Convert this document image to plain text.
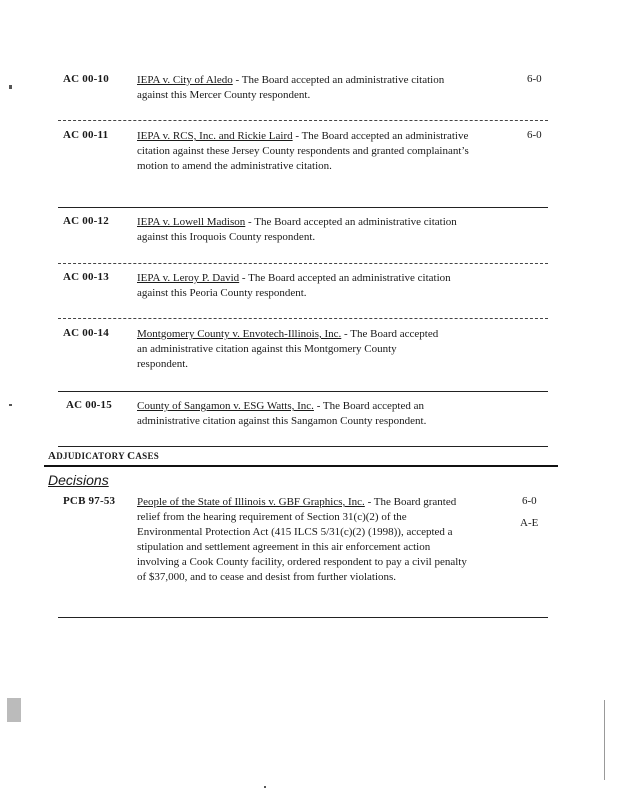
AC 00-10	IEPA v. City of Aledo - The Board accepted an administrative citation against this Mercer County respondent.
6-0
AC 00-11	IEPA v. RCS, Inc. and Rickie Laird - The Board accepted an administrative citation against these Jersey County respondents and granted complainant’s motion to amend the administrative citation.
6-0
AC 00-12	IEPA v. Lowell Madison - The Board accepted an administrative citation against this Iroquois County respondent.
AC 00-13	IEPA v. Leroy P. David - The Board accepted an administrative citation against this Peoria County respondent.
AC 00-14	Montgomery County v. Envotech-Illinois, Inc. - The Board accepted an administrative citation against this Montgomery County respondent.
AC 00-15 County of Sangamon v. ESG Watts, Inc. - The Board accepted an administrative citation against this Sangamon County respondent.
ADJUDICATORY CASES
Decisions
PCB 97-53 People of the State of Illinois v. GBF Graphics, Inc. - The Board granted relief from the hearing requirement of Section 31(c)(2) of the Environmental Protection Act (415 ILCS 5/31(c)(2) (1998)), accepted a stipulation and settlement agreement in this air enforcement action involving a Cook County facility, ordered respondent to pay a civil penalty of $37,000, and to cease and desist from further violations.
6-0
A-E
